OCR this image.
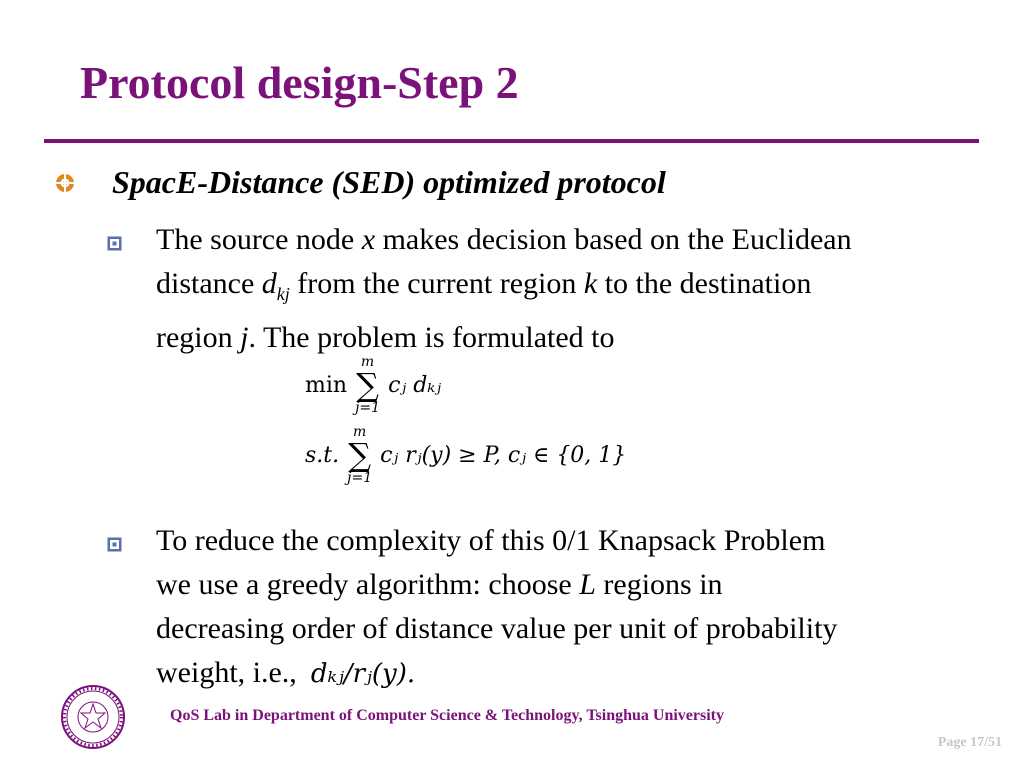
Protocol design-Step 2
SpacE-Distance (SED) optimized protocol
The source node x makes decision based on the Euclidean
distance $d_{kj}$ from the current region k to the destination
region j. The problem is formulated to
min
m
∑
j=1
cⱼ dₖⱼ
s.t.
m
∑
j=1
cⱼ rⱼ(y) ≥ P, cⱼ ∈ {0, 1}
To reduce the complexity of this 0/1 Knapsack Problem
we use a greedy algorithm: choose L regions in
decreasing order of distance value per unit of probability
weight, i.e., dₖⱼ/rⱼ(y).
QoS Lab in Department of Computer Science & Technology, Tsinghua University
Page 17/51
